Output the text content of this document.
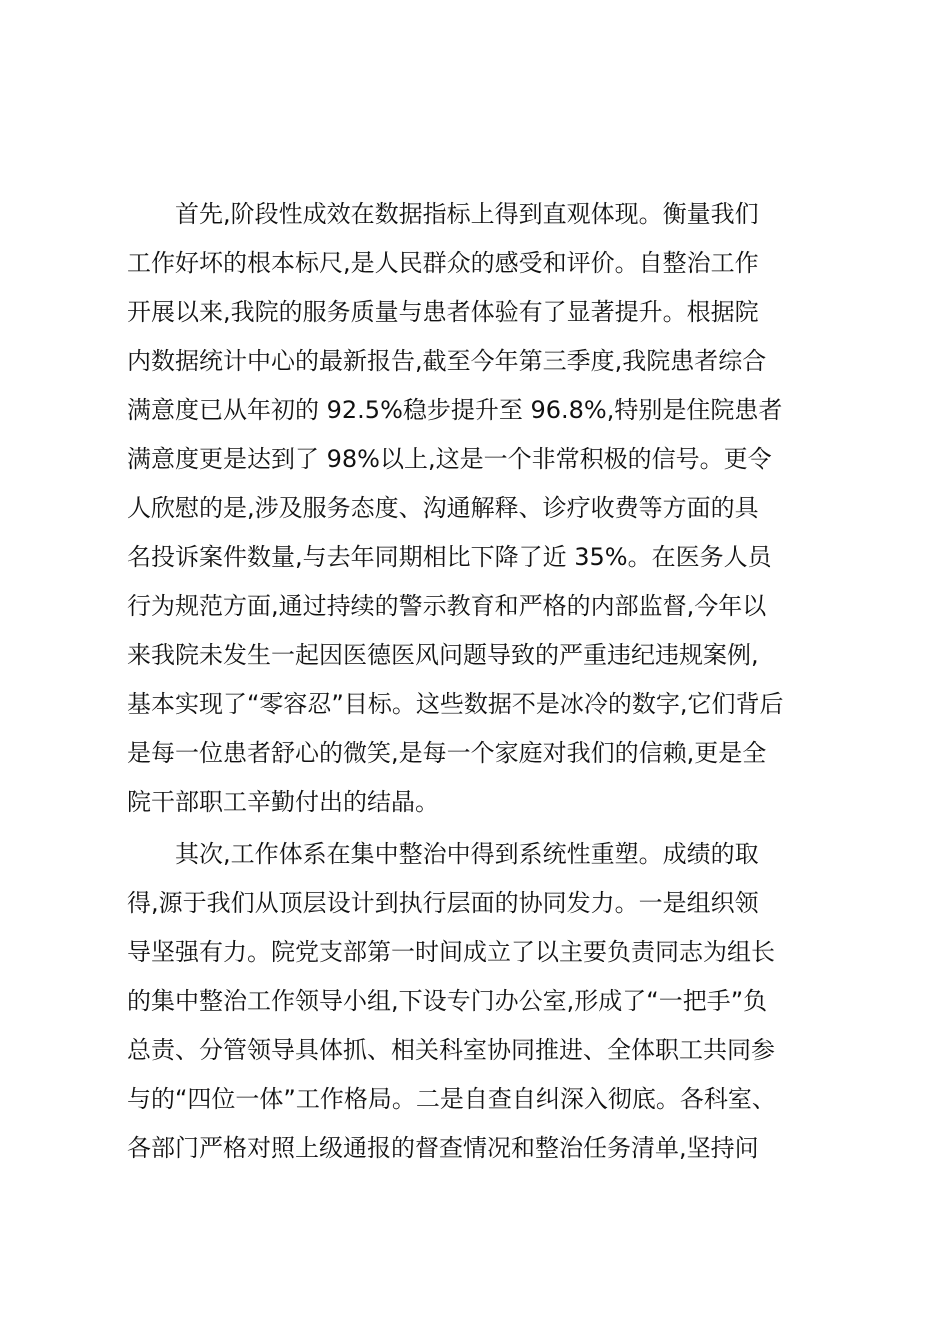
首先,阶段性成效在数据指标上得到直观体现。衡量我们
工作好坏的根本标尺,是人民群众的感受和评价。自整治工作
开展以来,我院的服务质量与患者体验有了显著提升。根据院
内数据统计中心的最新报告,截至今年第三季度,我院患者综合
满意度已从年初的 92.5%稳步提升至 96.8%,特别是住院患者
满意度更是达到了 98%以上,这是一个非常积极的信号。更令
人欣慰的是,涉及服务态度、沟通解释、诊疗收费等方面的具
名投诉案件数量,与去年同期相比下降了近 35%。在医务人员
行为规范方面,通过持续的警示教育和严格的内部监督,今年以
来我院未发生一起因医德医风问题导致的严重违纪违规案例,
基本实现了“零容忍”目标。这些数据不是冰冷的数字,它们背后
是每一位患者舒心的微笑,是每一个家庭对我们的信赖,更是全
院干部职工辛勤付出的结晶。

其次,工作体系在集中整治中得到系统性重塑。成绩的取
得,源于我们从顶层设计到执行层面的协同发力。一是组织领
导坚强有力。院党支部第一时间成立了以主要负责同志为组长
的集中整治工作领导小组,下设专门办公室,形成了“一把手”负
总责、分管领导具体抓、相关科室协同推进、全体职工共同参
与的“四位一体”工作格局。二是自查自纠深入彻底。各科室、
各部门严格对照上级通报的督查情况和整治任务清单,坚持问
